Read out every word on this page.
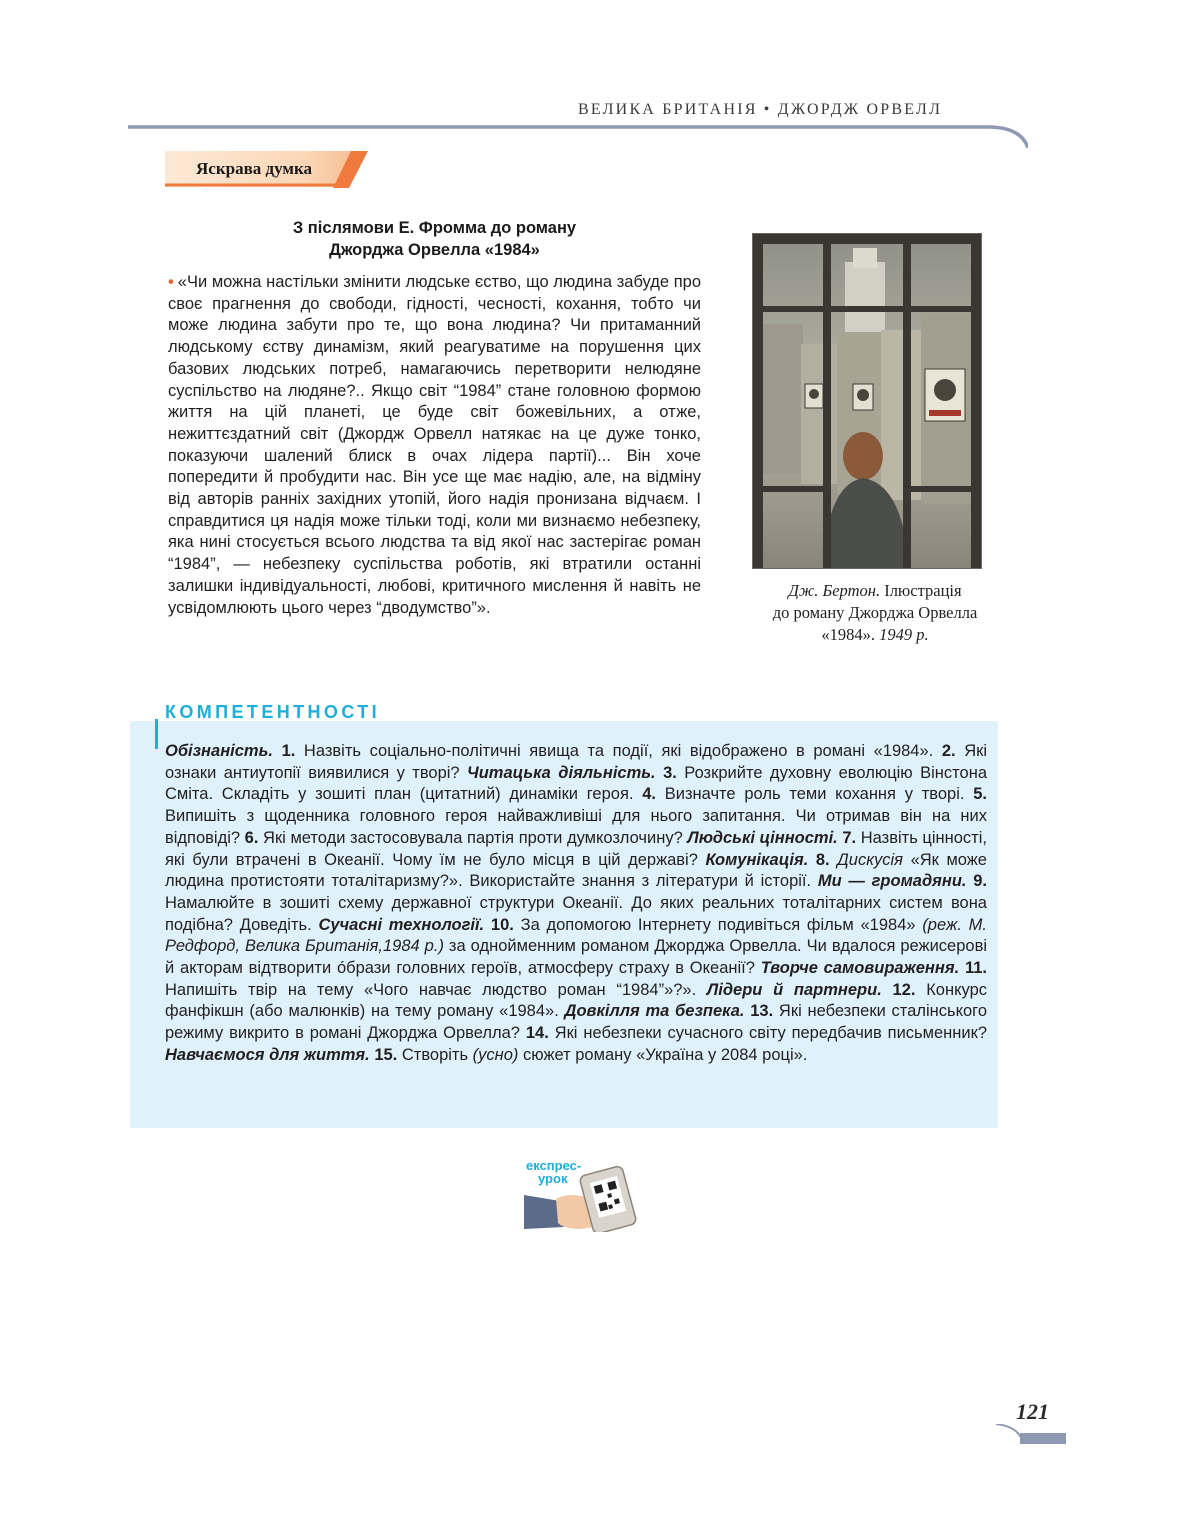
ВЕЛИКА БРИТАНІЯ • ДЖОРДЖ ОРВЕЛЛ
Яскрава думка
З післямови Е. Фромма до роману
Джорджа Орвелла «1984»
• «Чи можна настільки змінити людське єство, що людина забуде про своє прагнення до свободи, гідності, чесності, кохання, тобто чи може людина забути про те, що вона людина? Чи притаманний людському єству динамізм, який реагуватиме на порушення цих базових людських потреб, намагаючись перетворити нелюдяне суспільство на людяне?.. Якщо світ “1984” стане головною формою життя на цій планеті, це буде світ божевільних, а отже, нежиттєздатний світ (Джордж Орвелл натякає на це дуже тонко, показуючи шалений блиск в очах лідера партії)... Він хоче попередити й пробудити нас. Він усе ще має надію, але, на відміну від авторів ранніх західних утопій, його надія пронизана відчаєм. І справдитися ця надія може тільки тоді, коли ми визнаємо небезпеку, яка нині стосується всього людства та від якої нас застерігає роман “1984”, — небезпеку суспільства роботів, які втратили останні залишки індивідуальності, любові, критичного мислення й навіть не усвідомлюють цього через “дводумство”».
Дж. Бертон. Ілюстрація
до роману Джорджа Орвелла
«1984». 1949 р.
КОМПЕТЕНТНОСТІ
Обізнаність. 1. Назвіть соціально-політичні явища та події, які відображено в романі «1984». 2. Які ознаки антиутопії виявилися у творі? Читацька діяльність. 3. Розкрийте духовну еволюцію Вінстона Сміта. Складіть у зошиті план (цитатний) динаміки героя. 4. Визначте роль теми кохання у творі. 5. Випишіть з щоденника головного героя найважливіші для нього запитання. Чи отримав він на них відповіді? 6. Які методи застосовувала партія проти думкозлочину? Людські цінності. 7. Назвіть цінності, які були втрачені в Океанії. Чому їм не було місця в цій державі? Комунікація. 8. Дискусія «Як може людина протистояти тоталітаризму?». Використайте знання з літератури й історії. Ми — громадяни. 9. Намалюйте в зошиті схему державної структури Океанії. До яких реальних тоталітарних систем вона подібна? Доведіть. Сучасні технології. 10. За допомогою Інтернету подивіться фільм «1984» (реж. М. Редфорд, Велика Британія,1984 р.) за однойменним романом Джорджа Орвелла. Чи вдалося режисерові й акторам відтворити óбрази головних героїв, атмосферу страху в Океанії? Творче самовираження. 11. Напишіть твір на тему «Чого навчає людство роман “1984”»?». Лідери й партнери. 12. Конкурс фанфікшн (або малюнків) на тему роману «1984». Довкілля та безпека. 13. Які небезпеки сталінського режиму викрито в романі Джорджа Орвелла? 14. Які небезпеки сучасного світу передбачив письменник? Навчаємося для життя. 15. Створіть (усно) сюжет роману «Україна у 2084 році».
експрес-
урок
121
